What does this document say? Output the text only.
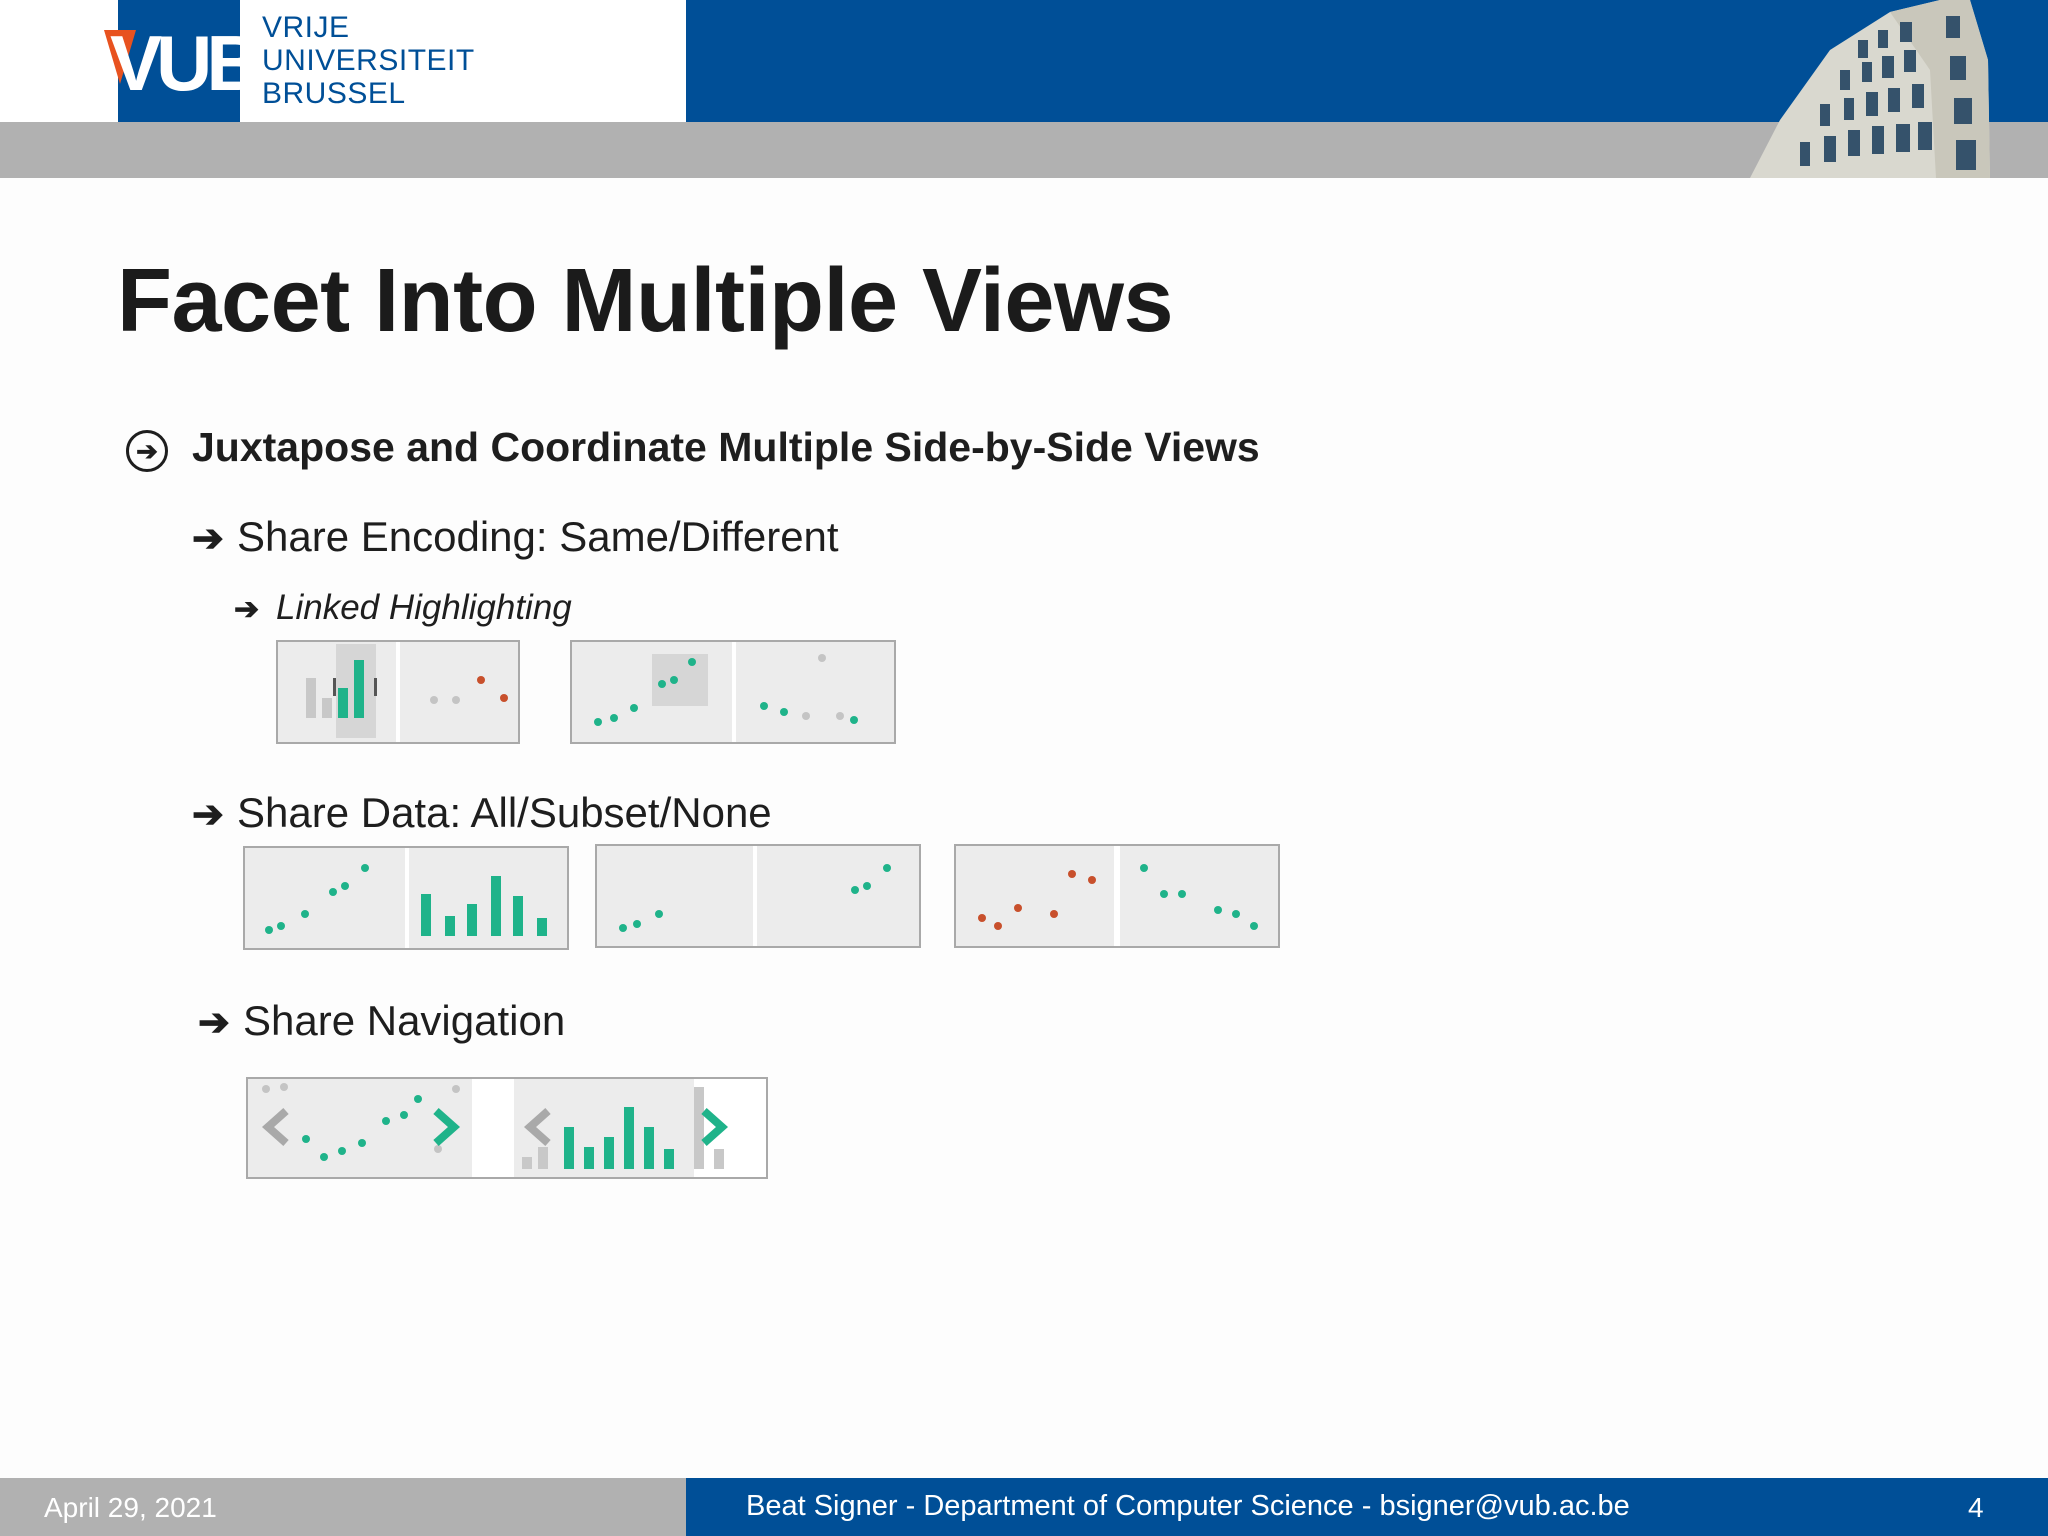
VUB VRIJE
UNIVERSITEIT
BRUSSEL
Facet Into Multiple Views
➔ Juxtapose and Coordinate Multiple Side-by-Side Views
➔ Share Encoding: Same/Different
➔ Linked Highlighting
➔ Share Data: All/Subset/None
➔ Share Navigation
April 29, 2021	Beat Signer - Department of Computer Science - bsigner@vub.ac.be	4
